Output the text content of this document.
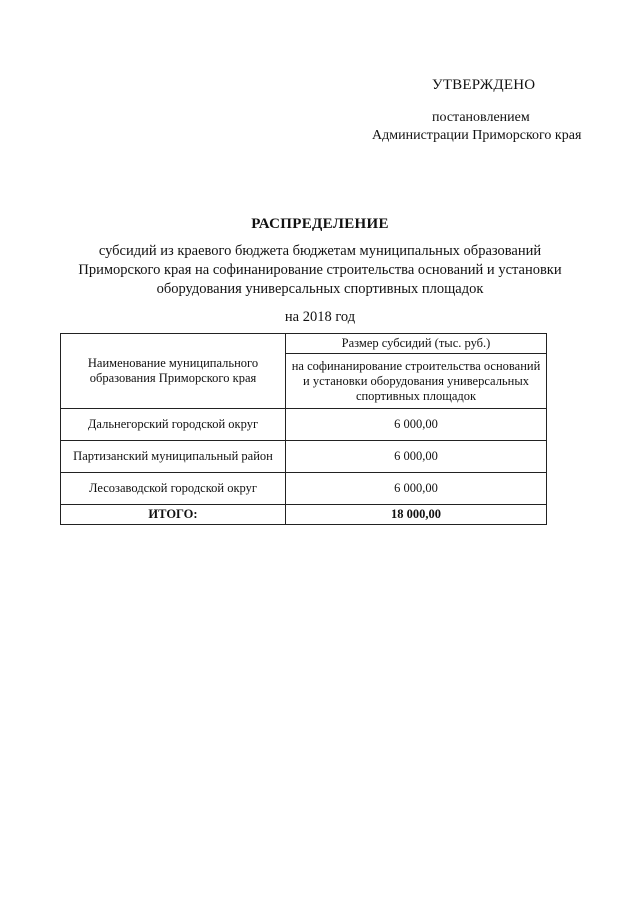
УТВЕРЖДЕНО
постановлением
Администрации Приморского края
РАСПРЕДЕЛЕНИЕ
субсидий из краевого бюджета бюджетам муниципальных образований Приморского края на софинанирование строительства оснований и установки оборудования универсальных спортивных площадок
на 2018 год
Наименование муниципального образования Приморского края	Размер субсидий (тыс. руб.)
	на софинанирование строительства оснований и установки оборудования универсальных спортивных площадок
Дальнегорский городской округ	6 000,00
Партизанский муниципальный район	6 000,00
Лесозаводской городской округ	6 000,00
ИТОГО:	18 000,00
